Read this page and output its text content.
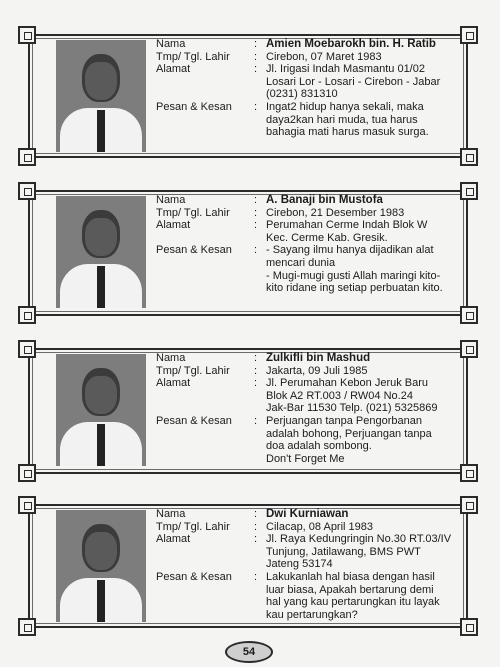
Nama	: Amien Moebarokh bin. H. Ratib
Tmp/ Tgl. Lahir	: Cirebon, 07 Maret 1983
Alamat	: Jl. Irigasi Indah Masmantu 01/02
Losari Lor - Losari - Cirebon - Jabar
(0231) 831310
Pesan & Kesan	: Ingat2 hidup hanya sekali, maka
daya2kan hari muda, tua harus
bahagia mati harus masuk surga.
Nama	: A. Banaji bin Mustofa
Tmp/ Tgl. Lahir	: Cirebon, 21 Desember 1983
Alamat	: Perumahan Cerme Indah Blok W
Kec. Cerme Kab. Gresik.
Pesan & Kesan	: - Sayang ilmu hanya dijadikan alat
mencari dunia
- Mugi-mugi gusti Allah maringi kito-
kito ridane ing setiap perbuatan kito.
Nama	: Zulkifli bin Mashud
Tmp/ Tgl. Lahir	: Jakarta, 09 Juli 1985
Alamat	: Jl. Perumahan Kebon Jeruk Baru
Blok A2 RT.003 / RW04 No.24
Jak-Bar 11530 Telp. (021) 5325869
Pesan & Kesan	: Perjuangan tanpa Pengorbanan
adalah bohong, Perjuangan tanpa
doa adalah sombong.
Don't Forget Me
Nama	: Dwi Kurniawan
Tmp/ Tgl. Lahir	: Cilacap, 08 April 1983
Alamat	: Jl. Raya Kedungringin No.30 RT.03/IV
Tunjung, Jatilawang, BMS PWT
Jateng 53174
Pesan & Kesan	: Lakukanlah hal biasa dengan hasil
luar biasa, Apakah bertarung demi
hal yang kau pertarungkan itu layak
kau pertarungkan?
54
